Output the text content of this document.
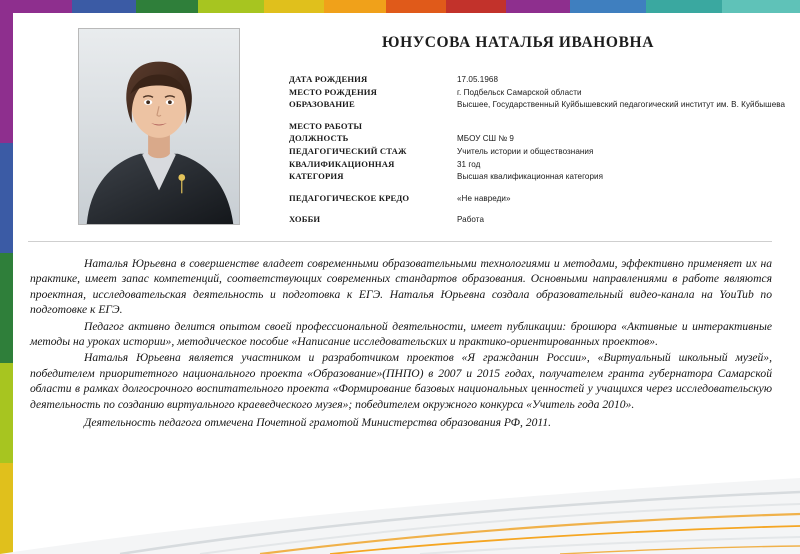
ЮНУСОВА НАТАЛЬЯ ИВАНОВНА
ДАТА РОЖДЕНИЯ	17.05.1968
МЕСТО РОЖДЕНИЯ	г. Подбельск Самарской области
ОБРАЗОВАНИЕ	Высшее, Государственный Куйбышевский педагогический институт им. В. Куйбышева

МЕСТО РАБОТЫ	
ДОЛЖНОСТЬ	МБОУ СШ № 9
ПЕДАГОГИЧЕСКИЙ СТАЖ	Учитель истории и обществознания
КВАЛИФИКАЦИОННАЯ	31 год
КАТЕГОРИЯ	Высшая квалификационная категория

ПЕДАГОГИЧЕСКОЕ КРЕДО	«Не навреди»

ХОББИ	Работа

Наталья Юрьевна в совершенстве владеет современными образовательными технологиями и методами, эффективно применяет их на практике, имеет запас компетенций, соответствующих современных стандартов образования. Основными направлениями в работе являются проектная, исследовательская деятельность и подготовка к ЕГЭ. Наталья Юрьевна создала образовательный видео-канала на YouTub по подготовке к ЕГЭ.

Педагог активно делится опытом своей профессиональной деятельности, имеет публикации: брошюра «Активные и интерактивные методы на уроках истории», методическое пособие «Написание исследовательских и практико-ориентированных проектов».

Наталья Юрьевна является участником и разработчиком проектов «Я гражданин России», «Виртуальный школьный музей», победителем приоритетного национального проекта «Образование»(ПНПО) в 2007 и 2015 годах, получателем гранта губернатора Самарской области в рамках долгосрочного воспитательного проекта «Формирование базовых национальных ценностей у учащихся через исследовательскую деятельность по созданию виртуального краеведческого музея»; победителем окружного конкурса «Учитель года 2010».

Деятельность педагога отмечена Почетной грамотой Министерства образования РФ, 2011.
